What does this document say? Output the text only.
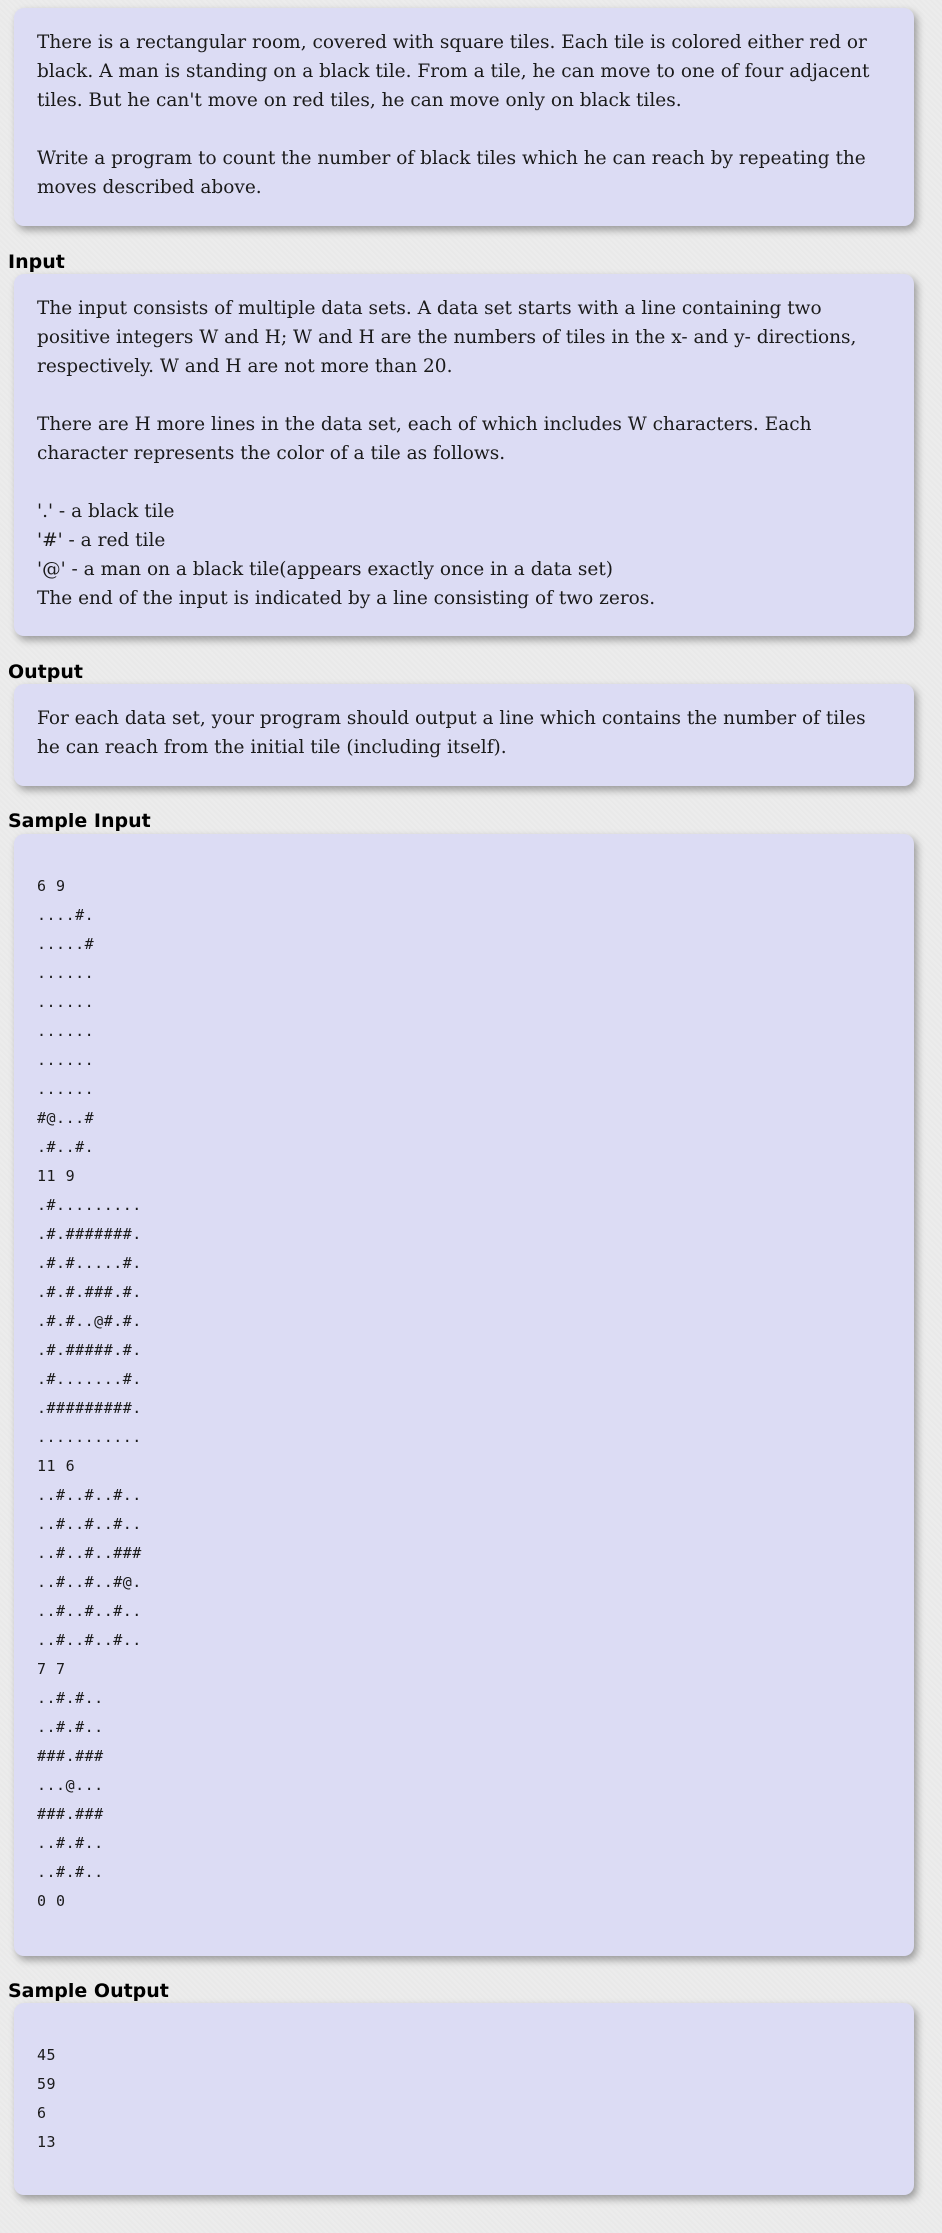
There is a rectangular room, covered with square tiles. Each tile is colored either red or black. A man is standing on a black tile. From a tile, he can move to one of four adjacent tiles. But he can't move on red tiles, he can move only on black tiles.

Write a program to count the number of black tiles which he can reach by repeating the moves described above.

Input

The input consists of multiple data sets. A data set starts with a line containing two positive integers W and H; W and H are the numbers of tiles in the x- and y- directions, respectively. W and H are not more than 20.

There are H more lines in the data set, each of which includes W characters. Each character represents the color of a tile as follows.

'.' - a black tile

'#' - a red tile

'@' - a man on a black tile(appears exactly once in a data set)

The end of the input is indicated by a line consisting of two zeros.

Output

For each data set, your program should output a line which contains the number of tiles he can reach from the initial tile (including itself).

Sample Input
6 9
....#.
.....#
......
......
......
......
......
#@...#
.#..#.
11 9
.#.........
.#.#######.
.#.#.....#.
.#.#.###.#.
.#.#..@#.#.
.#.#####.#.
.#.......#.
.#########.
...........
11 6
..#..#..#..
..#..#..#..
..#..#..###
..#..#..#@.
..#..#..#..
..#..#..#..
7 7
..#.#..
..#.#..
###.###
...@...
###.###
..#.#..
..#.#..
0 0
Sample Output
45
59
6
13
